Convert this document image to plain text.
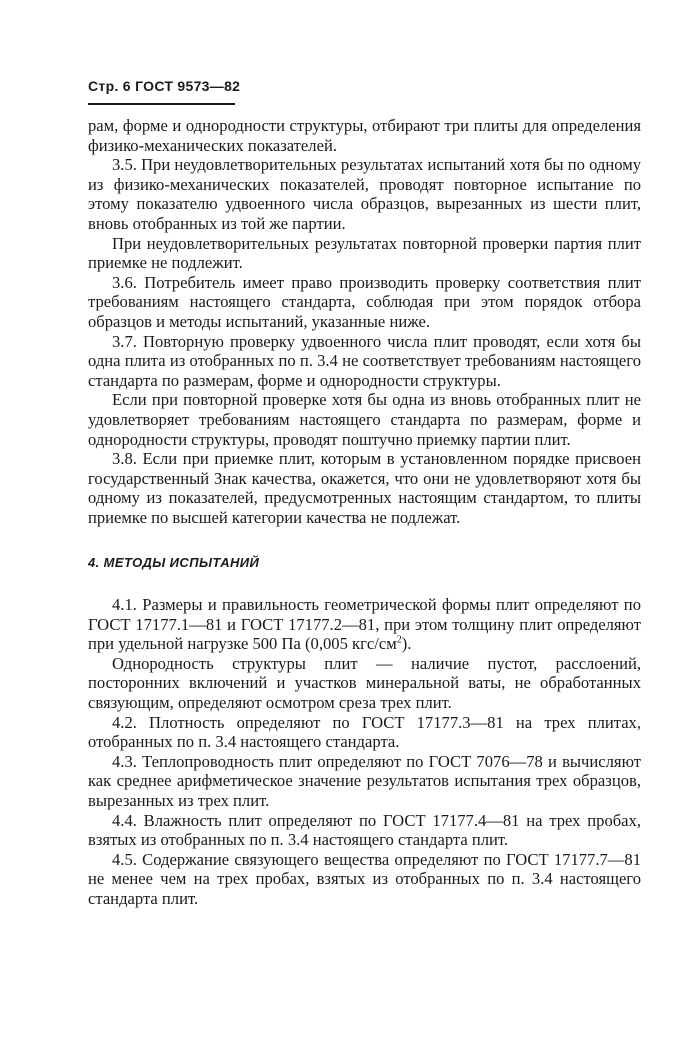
Стр. 6 ГОСТ 9573—82

рам, форме и однородности структуры, отбирают три плиты для определения физико-механических показателей.

3.5. При неудовлетворительных результатах испытаний хотя бы по одному из физико-механических показателей, проводят повторное испытание по этому показателю удвоенного числа образцов, вырезанных из шести плит, вновь отобранных из той же партии.

При неудовлетворительных результатах повторной проверки партия плит приемке не подлежит.

3.6. Потребитель имеет право производить проверку соответствия плит требованиям настоящего стандарта, соблюдая при этом порядок отбора образцов и методы испытаний, указанные ниже.

3.7. Повторную проверку удвоенного числа плит проводят, если хотя бы одна плита из отобранных по п. 3.4 не соответствует требованиям настоящего стандарта по размерам, форме и однородности структуры.

Если при повторной проверке хотя бы одна из вновь отобранных плит не удовлетворяет требованиям настоящего стандарта по размерам, форме и однородности структуры, проводят поштучно приемку партии плит.

3.8. Если при приемке плит, которым в установленном порядке присвоен государственный Знак качества, окажется, что они не удовлетворяют хотя бы одному из показателей, предусмотренных настоящим стандартом, то плиты приемке по высшей категории качества не подлежат.

4. МЕТОДЫ ИСПЫТАНИЙ

4.1. Размеры и правильность геометрической формы плит определяют по ГОСТ 17177.1—81 и ГОСТ 17177.2—81, при этом толщину плит определяют при удельной нагрузке 500 Па (0,005 кгс/$см^2$).

Однородность структуры плит — наличие пустот, расслоений, посторонних включений и участков минеральной ваты, не обработанных связующим, определяют осмотром среза трех плит.

4.2. Плотность определяют по ГОСТ 17177.3—81 на трех плитах, отобранных по п. 3.4 настоящего стандарта.

4.3. Теплопроводность плит определяют по ГОСТ 7076—78 и вычисляют как среднее арифметическое значение результатов испытания трех образцов, вырезанных из трех плит.

4.4. Влажность плит определяют по ГОСТ 17177.4—81 на трех пробах, взятых из отобранных по п. 3.4 настоящего стандарта плит.

4.5. Содержание связующего вещества определяют по ГОСТ 17177.7—81 не менее чем на трех пробах, взятых из отобранных по п. 3.4 настоящего стандарта плит.
